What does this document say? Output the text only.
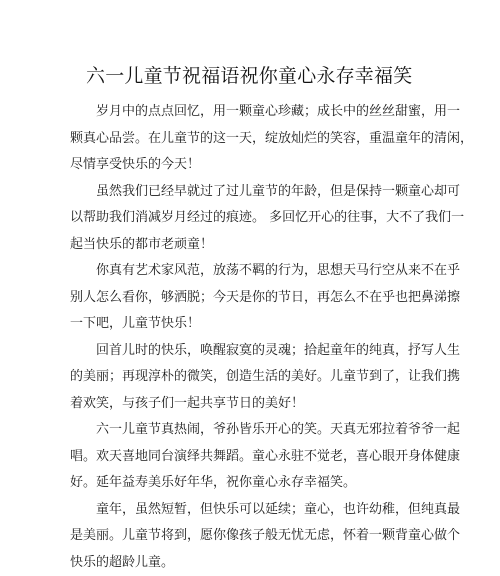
六一儿童节祝福语祝你童心永存幸福笑

岁月中的点点回忆，用一颗童心珍藏；成长中的丝丝甜蜜，用一
颗真心品尝。在儿童节的这一天，绽放灿烂的笑容，重温童年的清闲，
尽情享受快乐的今天！

虽然我们已经早就过了过儿童节的年龄，但是保持一颗童心却可
以帮助我们消减岁月经过的痕迹。 多回忆开心的往事，大不了我们一
起当快乐的都市老顽童！

你真有艺术家风范，放荡不羁的行为，思想天马行空从来不在乎
别人怎么看你，够洒脱；今天是你的节日，再怎么不在乎也把鼻涕擦
一下吧，儿童节快乐！

回首儿时的快乐，唤醒寂寞的灵魂；拾起童年的纯真，抒写人生
的美丽；再现淳朴的微笑，创造生活的美好。儿童节到了，让我们携
着欢笑，与孩子们一起共享节日的美好！

六一儿童节真热闹，爷孙皆乐开心的笑。天真无邪拉着爷爷一起
唱。欢天喜地同台演绎共舞蹈。童心永驻不觉老，喜心眼开身体健康
好。延年益寿美乐好年华，祝你童心永存幸福笑。

童年，虽然短暂，但快乐可以延续；童心，也许幼稚，但纯真最
是美丽。儿童节将到，愿你像孩子般无忧无虑，怀着一颗背童心做个
快乐的超龄儿童。
